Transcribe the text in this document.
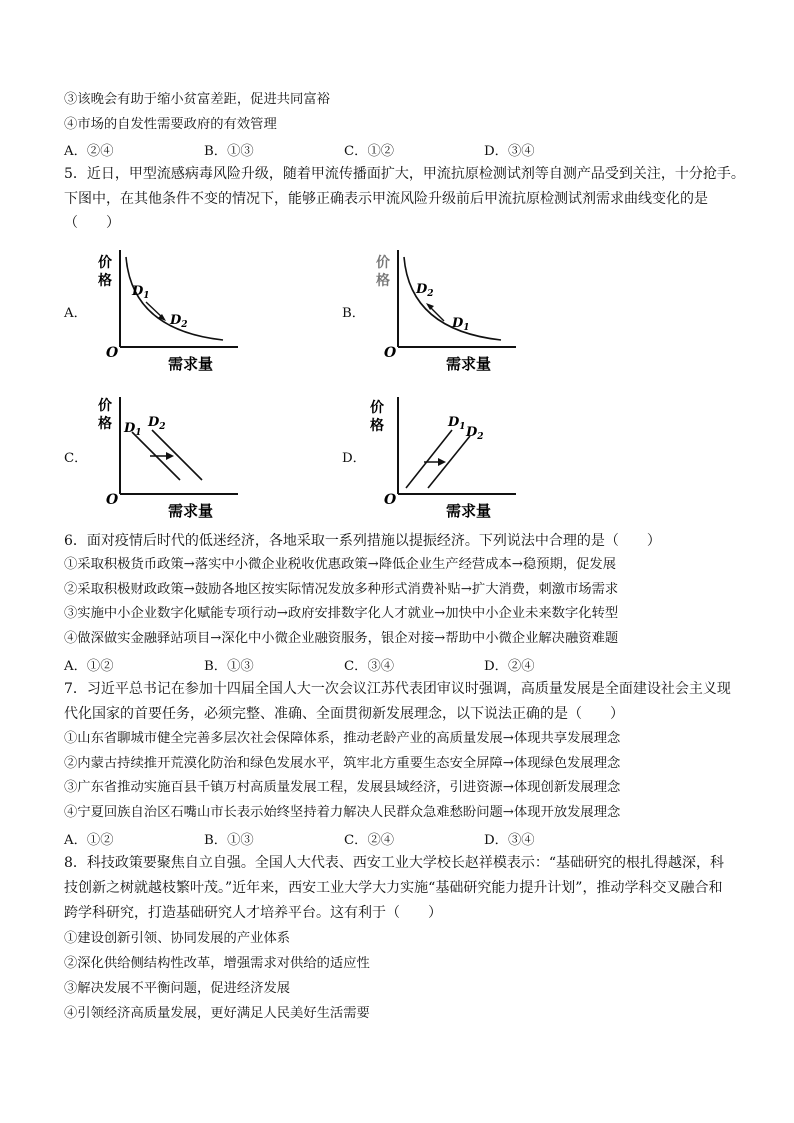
③该晚会有助于缩小贫富差距，促进共同富裕
④市场的自发性需要政府的有效管理
A．②④	B．①③	C．①②	D．③④
5．近日，甲型流感病毒风险升级，随着甲流传播面扩大，甲流抗原检测试剂等自测产品受到关注，十分抢手。
下图中，在其他条件不变的情况下，能够正确表示甲流风险升级前后甲流抗原检测试剂需求曲线变化的是
（　　）
A．
价
格
O
需求量
$D_1$
$D_2$
B．
价
格
O
需求量
$D_2$
$D_1$
C．
价
格
O
需求量
$D_1$
$D_2$
D．
价
格
O
需求量
$D_1$ $D_2$
6．面对疫情后时代的低迷经济，各地采取一系列措施以提振经济。下列说法中合理的是（　　）
①采取积极货币政策→落实中小微企业税收优惠政策→降低企业生产经营成本→稳预期，促发展
②采取积极财政政策→鼓励各地区按实际情况发放多种形式消费补贴→扩大消费，刺激市场需求
③实施中小企业数字化赋能专项行动→政府安排数字化人才就业→加快中小企业未来数字化转型
④做深做实金融驿站项目→深化中小微企业融资服务，银企对接→帮助中小微企业解决融资难题
A．①②	B．①③	C．③④	D．②④
7．习近平总书记在参加十四届全国人大一次会议江苏代表团审议时强调，高质量发展是全面建设社会主义现
代化国家的首要任务，必须完整、准确、全面贯彻新发展理念，以下说法正确的是（　　）
①山东省聊城市健全完善多层次社会保障体系，推动老龄产业的高质量发展→体现共享发展理念
②内蒙古持续推开荒漠化防治和绿色发展水平，筑牢北方重要生态安全屏障→体现绿色发展理念
③广东省推动实施百县千镇万村高质量发展工程，发展县域经济，引进资源→体现创新发展理念
④宁夏回族自治区石嘴山市长表示始终坚持着力解决人民群众急难愁盼问题→体现开放发展理念
A．①②	B．①③	C．②④	D．③④
8．科技政策要聚焦自立自强。全国人大代表、西安工业大学校长赵祥模表示：“基础研究的根扎得越深，科
技创新之树就越枝繁叶茂。”近年来，西安工业大学大力实施“基础研究能力提升计划”，推动学科交叉融合和
跨学科研究，打造基础研究人才培养平台。这有利于（　　）
①建设创新引领、协同发展的产业体系
②深化供给侧结构性改革，增强需求对供给的适应性
③解决发展不平衡问题，促进经济发展
④引领经济高质量发展，更好满足人民美好生活需要
